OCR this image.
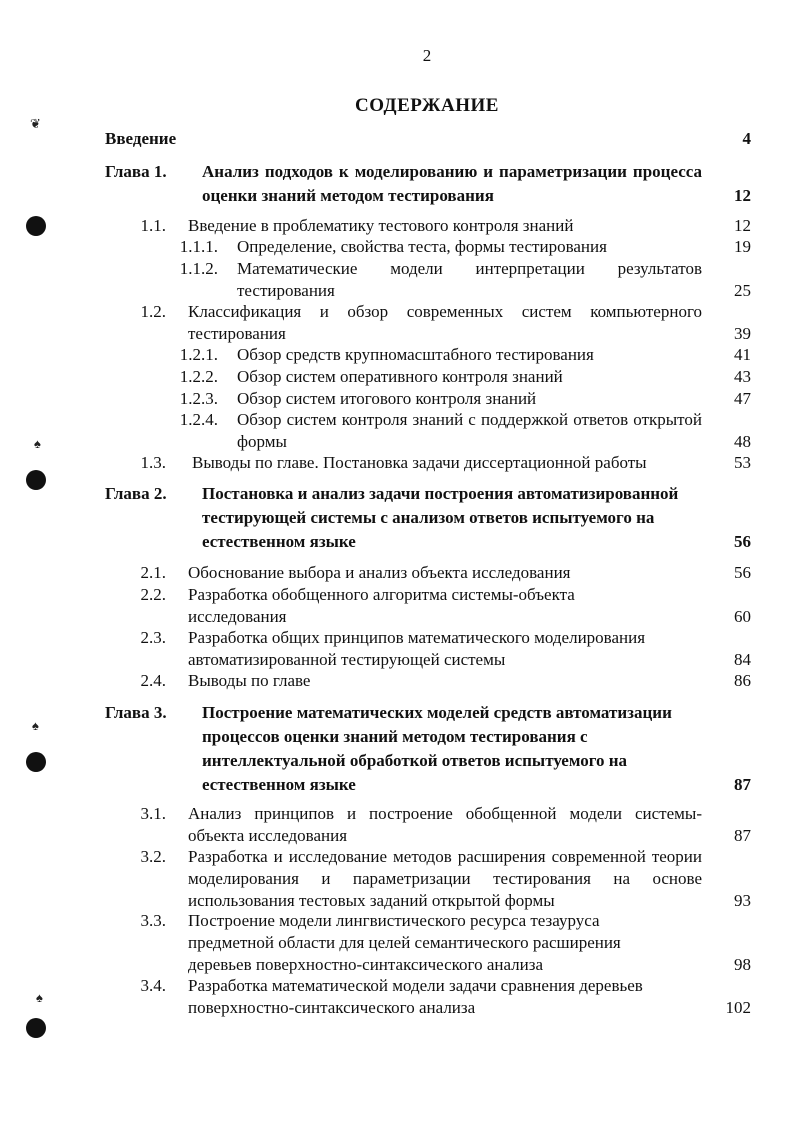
2
СОДЕРЖАНИЕ
❦
♠
♠
♠
Введение	4
Глава 1. Анализ подходов к моделированию и параметризации процесса оценки знаний методом тестирования	12
1.1. Введение в проблематику тестового контроля знаний	12
1.1.1. Определение, свойства теста, формы тестирования	19
1.1.2. Математические модели интерпретации результатов тестирования	25
1.2. Классификация и обзор современных систем компьютерного тестирования	39
1.2.1. Обзор средств крупномасштабного тестирования	41
1.2.2. Обзор систем оперативного контроля знаний	43
1.2.3. Обзор систем итогового контроля знаний	47
1.2.4. Обзор систем контроля знаний с поддержкой ответов открытой формы	48
1.3. Выводы по главе. Постановка задачи диссертационной работы	53
Глава 2. Постановка и анализ задачи построения автоматизированной тестирующей системы с анализом ответов испытуемого на естественном языке	56
2.1. Обоснование выбора и анализ объекта исследования	56
2.2. Разработка обобщенного алгоритма системы-объекта исследования	60
2.3. Разработка общих принципов математического моделирования автоматизированной тестирующей системы	84
2.4. Выводы по главе	86
Глава 3. Построение математических моделей средств автоматизации процессов оценки знаний методом тестирования с интеллектуальной обработкой ответов испытуемого на естественном языке	87
3.1. Анализ принципов и построение обобщенной модели системы-объекта исследования	87
3.2. Разработка и исследование методов расширения современной теории моделирования и параметризации тестирования на основе использования тестовых заданий открытой формы	93
3.3. Построение модели лингвистического ресурса тезауруса предметной области для целей семантического расширения деревьев поверхностно-синтаксического анализа	98
3.4. Разработка математической модели задачи сравнения деревьев поверхностно-синтаксического анализа	102
